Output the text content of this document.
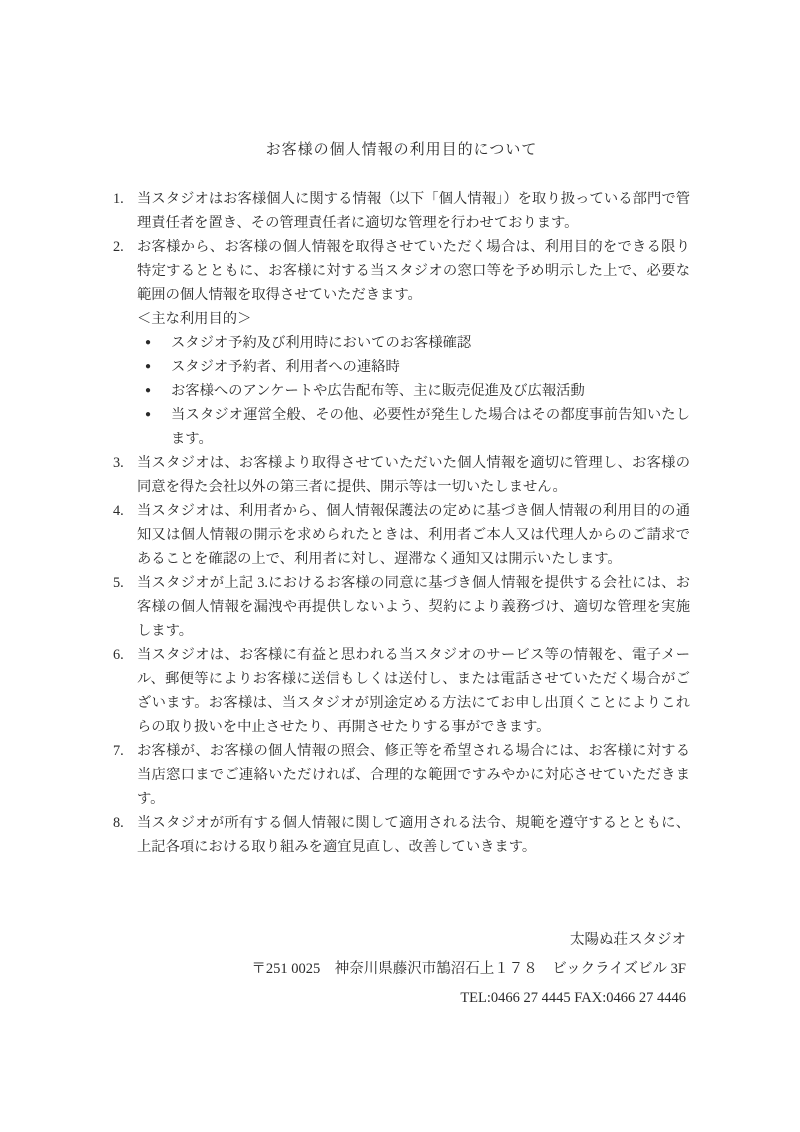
お客様の個人情報の利用目的について
1. 当スタジオはお客様個人に関する情報（以下「個人情報」）を取り扱っている部門で管理責任者を置き、その管理責任者に適切な管理を行わせております。
2. お客様から、お客様の個人情報を取得させていただく場合は、利用目的をできる限り特定するとともに、お客様に対する当スタジオの窓口等を予め明示した上で、必要な範囲の個人情報を取得させていただきます。
＜主な利用目的＞
●	スタジオ予約及び利用時においてのお客様確認
●	スタジオ予約者、利用者への連絡時
●	お客様へのアンケートや広告配布等、主に販売促進及び広報活動
●	当スタジオ運営全般、その他、必要性が発生した場合はその都度事前告知いたします。
3. 当スタジオは、お客様より取得させていただいた個人情報を適切に管理し、お客様の同意を得た会社以外の第三者に提供、開示等は一切いたしません。
4. 当スタジオは、利用者から、個人情報保護法の定めに基づき個人情報の利用目的の通知又は個人情報の開示を求められたときは、利用者ご本人又は代理人からのご請求であることを確認の上で、利用者に対し、遅滞なく通知又は開示いたします。
5. 当スタジオが上記 3.におけるお客様の同意に基づき個人情報を提供する会社には、お客様の個人情報を漏洩や再提供しないよう、契約により義務づけ、適切な管理を実施します。
6. 当スタジオは、お客様に有益と思われる当スタジオのサービス等の情報を、電子メール、郵便等によりお客様に送信もしくは送付し、または電話させていただく場合がございます。お客様は、当スタジオが別途定める方法にてお申し出頂くことによりこれらの取り扱いを中止させたり、再開させたりする事ができます。
7. お客様が、お客様の個人情報の照会、修正等を希望される場合には、お客様に対する当店窓口までご連絡いただければ、合理的な範囲ですみやかに対応させていただきます。
8. 当スタジオが所有する個人情報に関して適用される法令、規範を遵守するとともに、上記各項における取り組みを適宜見直し、改善していきます。
太陽ぬ荘スタジオ
〒251 0025　神奈川県藤沢市鵠沼石上１７８　ビックライズビル 3F
TEL:0466 27 4445 FAX:0466 27 4446
